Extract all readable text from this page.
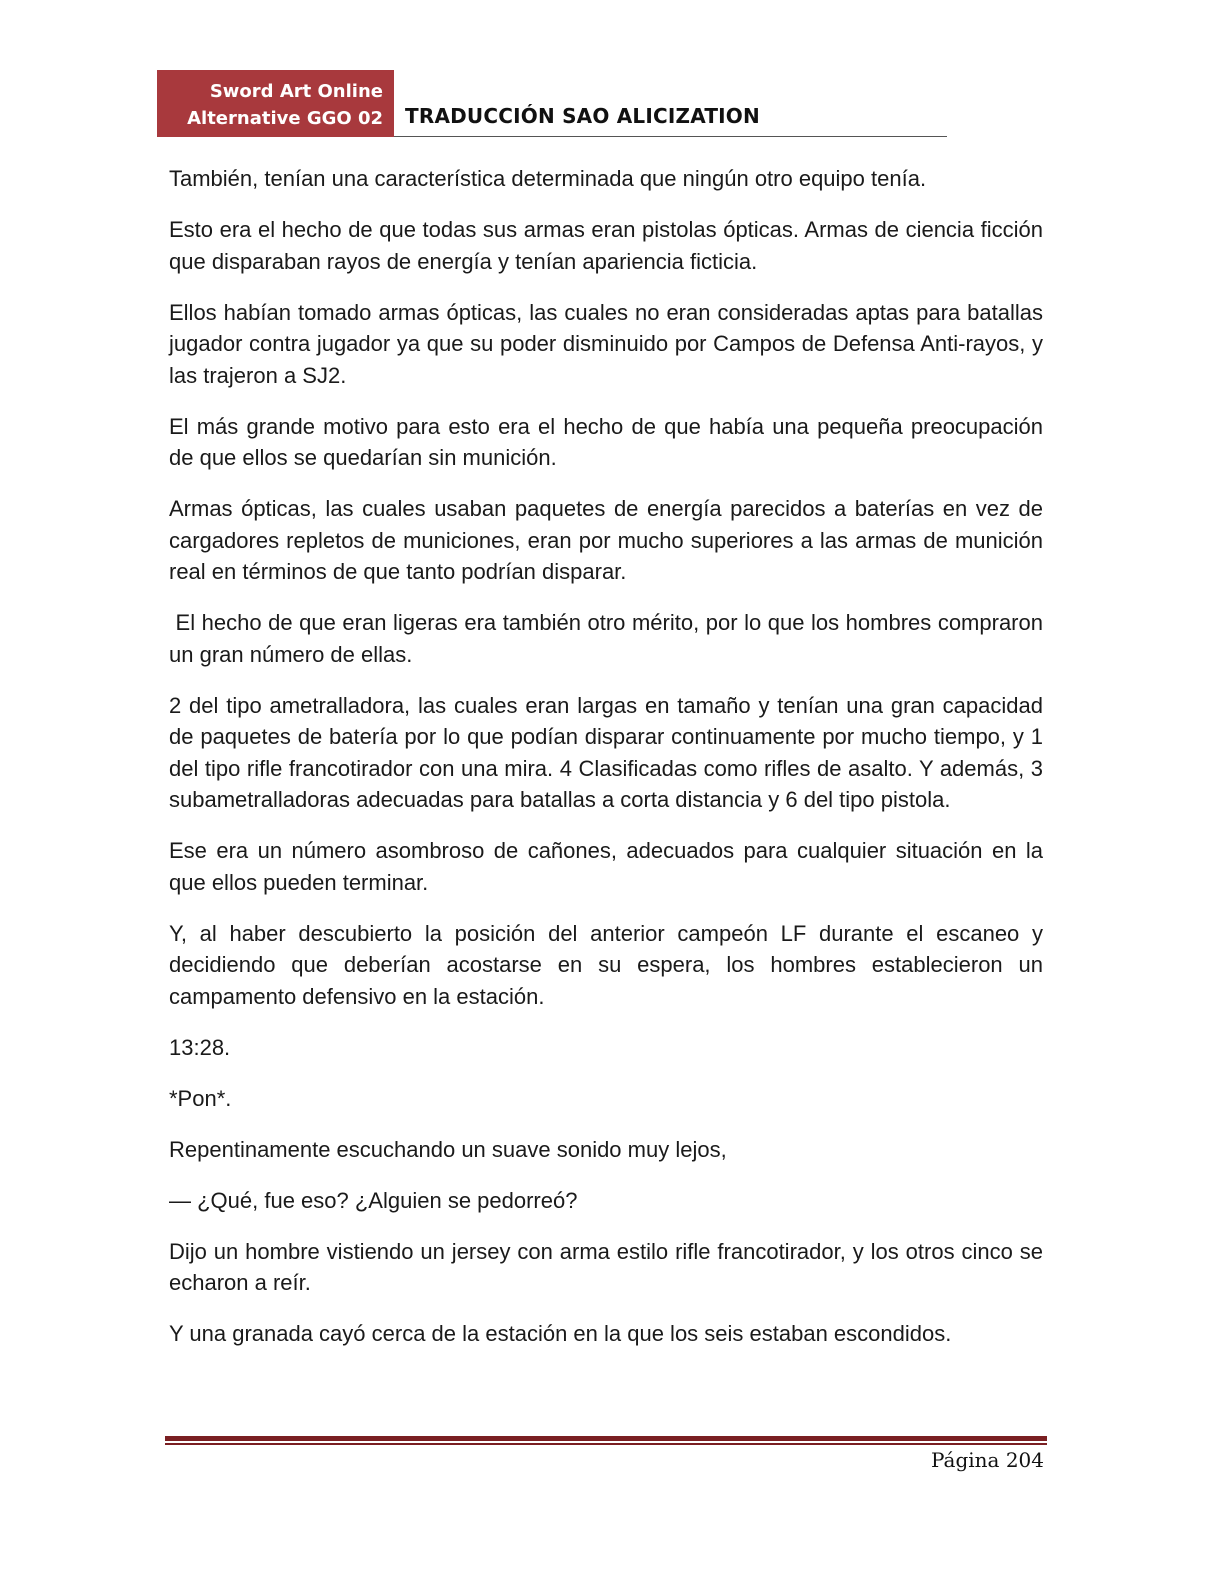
Sword Art Online
Alternative GGO 02 TRADUCCIÓN SAO ALICIZATION

También, tenían una característica determinada que ningún otro equipo tenía.

Esto era el hecho de que todas sus armas eran pistolas ópticas. Armas de ciencia ficción que disparaban rayos de energía y tenían apariencia ficticia.

Ellos habían tomado armas ópticas, las cuales no eran consideradas aptas para batallas jugador contra jugador ya que su poder disminuido por Campos de Defensa Anti-rayos, y las trajeron a SJ2.

El más grande motivo para esto era el hecho de que había una pequeña preocupación de que ellos se quedarían sin munición.

Armas ópticas, las cuales usaban paquetes de energía parecidos a baterías en vez de cargadores repletos de municiones, eran por mucho superiores a las armas de munición real en términos de que tanto podrían disparar.

El hecho de que eran ligeras era también otro mérito, por lo que los hombres compraron un gran número de ellas.

2 del tipo ametralladora, las cuales eran largas en tamaño y tenían una gran capacidad de paquetes de batería por lo que podían disparar continuamente por mucho tiempo, y 1 del tipo rifle francotirador con una mira. 4 Clasificadas como rifles de asalto. Y además, 3 subametralladoras adecuadas para batallas a corta distancia y 6 del tipo pistola.

Ese era un número asombroso de cañones, adecuados para cualquier situación en la que ellos pueden terminar.

Y, al haber descubierto la posición del anterior campeón LF durante el escaneo y decidiendo que deberían acostarse en su espera, los hombres establecieron un campamento defensivo en la estación.

13:28.

*Pon*.

Repentinamente escuchando un suave sonido muy lejos,

— ¿Qué, fue eso? ¿Alguien se pedorreó?

Dijo un hombre vistiendo un jersey con arma estilo rifle francotirador, y los otros cinco se echaron a reír.

Y una granada cayó cerca de la estación en la que los seis estaban escondidos.

Página 204
